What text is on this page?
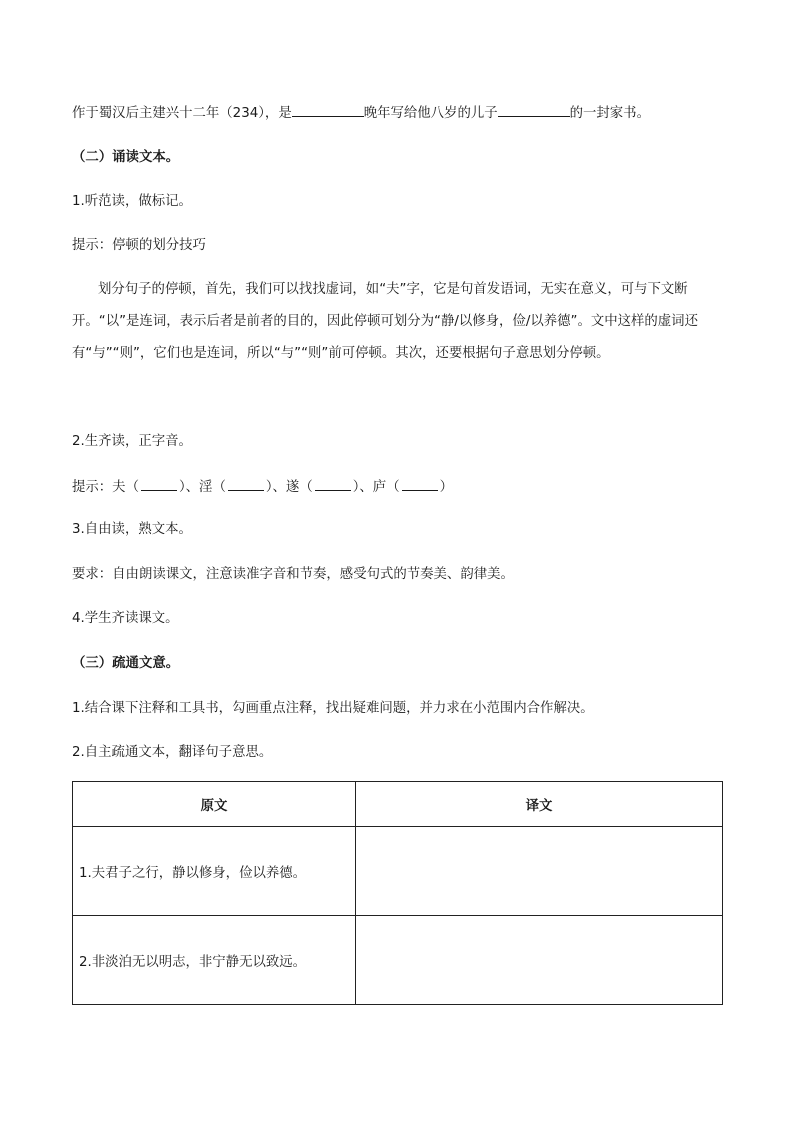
作于蜀汉后主建兴十二年（234），是	晚年写给他八岁的儿子	的一封家书。
（二）诵读文本。
1.听范读，做标记。
提示：停顿的划分技巧

划分句子的停顿，首先，我们可以找找虚词，如“夫”字，它是句首发语词，无实在意义，可与下文断开。“以”是连词，表示后者是前者的目的，因此停顿可划分为“静/以修身，俭/以养德”。文中这样的虚词还有“与”“则”，它们也是连词，所以“与”“则”前可停顿。其次，还要根据句子意思划分停顿。

2.生齐读，正字音。
提示：夫（	）、淫（	）、遂（	）、庐（	）
3.自由读，熟文本。
要求：自由朗读课文，注意读准字音和节奏，感受句式的节奏美、韵律美。
4.学生齐读课文。
（三）疏通文意。
1.结合课下注释和工具书，勾画重点注释，找出疑难问题，并力求在小范围内合作解决。
2.自主疏通文本，翻译句子意思。
原文	译文
1.夫君子之行，静以修身，俭以养德。	
2.非淡泊无以明志，非宁静无以致远。	
